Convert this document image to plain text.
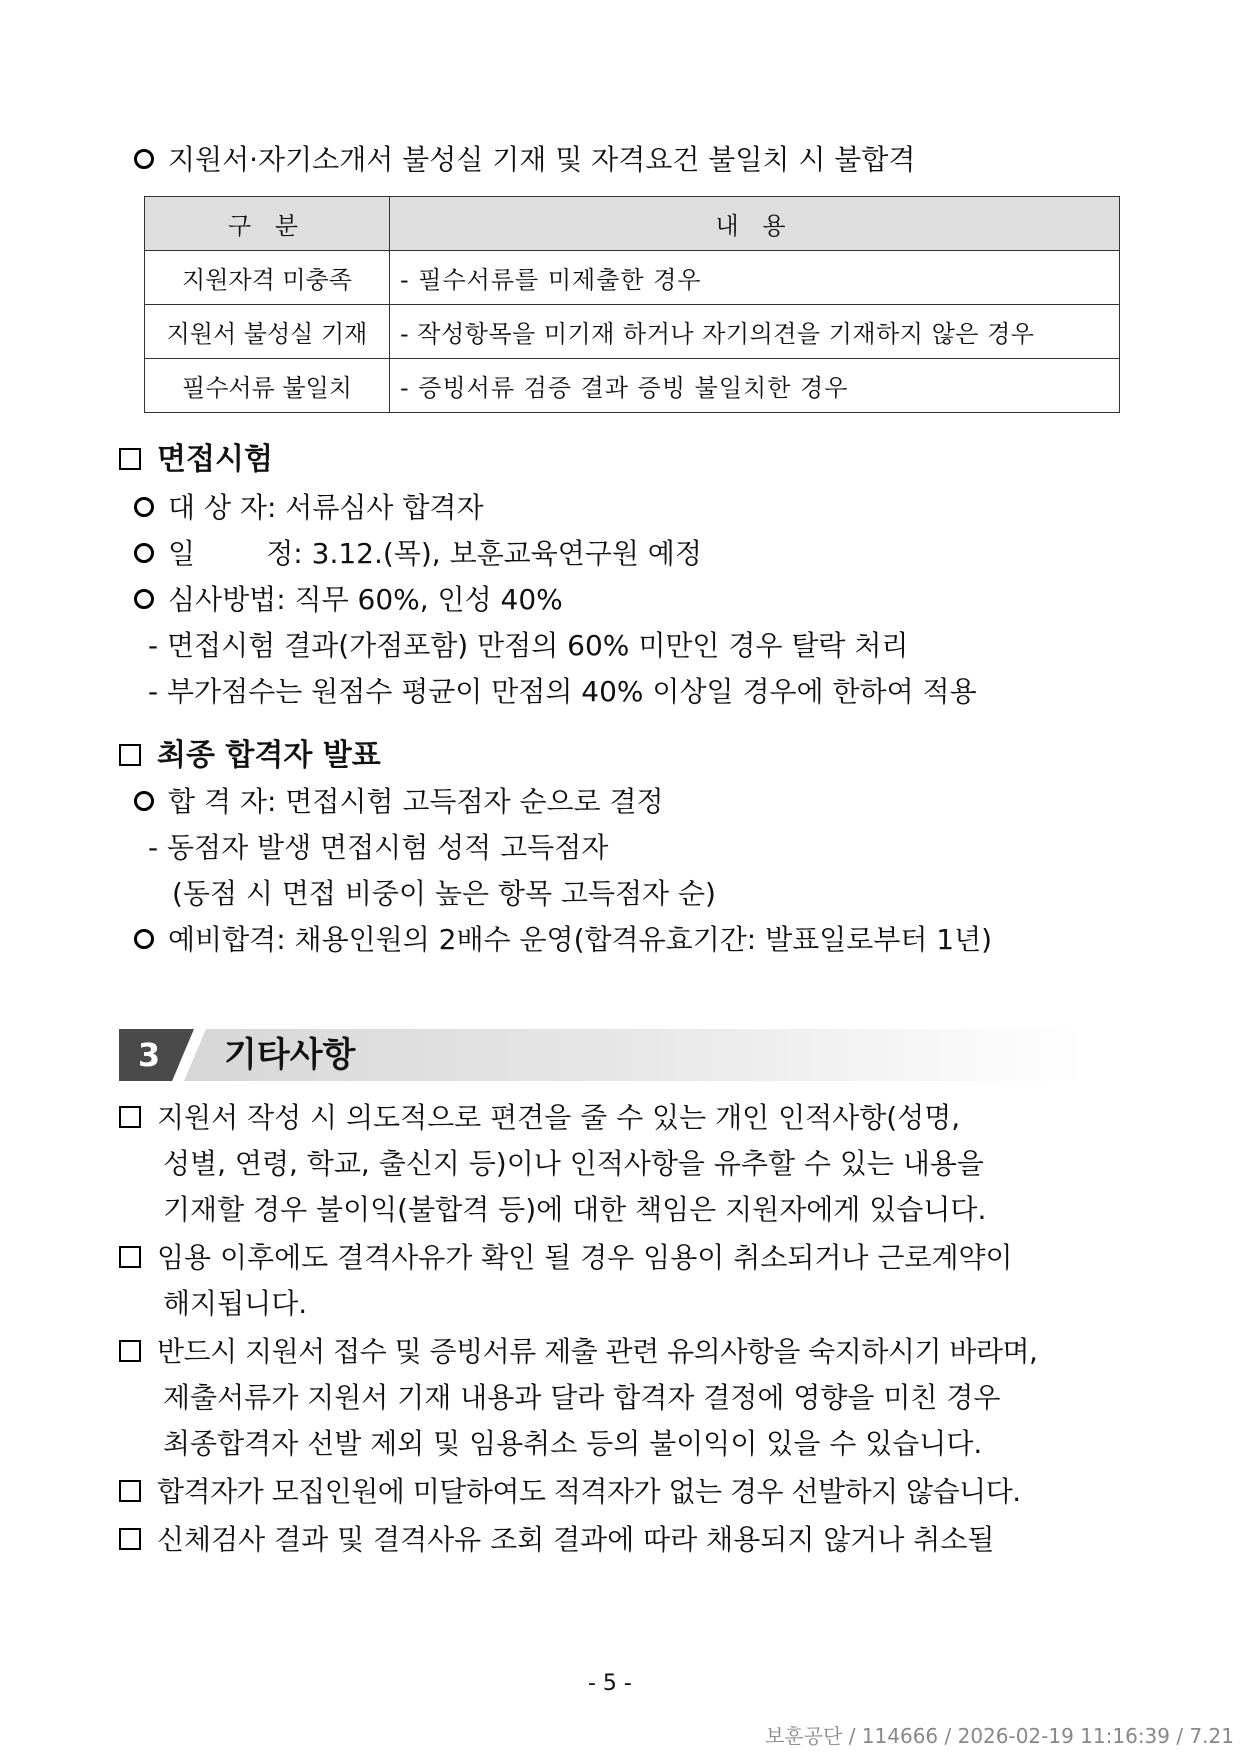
지원서·자기소개서 불성실 기재 및 자격요건 불일치 시 불합격
구 분	내 용
지원자격 미충족	- 필수서류를 미제출한 경우
지원서 불성실 기재	- 작성항목을 미기재 하거나 자기의견을 기재하지 않은 경우
필수서류 불일치	- 증빙서류 검증 결과 증빙 불일치한 경우
면접시험
대 상 자: 서류심사 합격자
일        정: 3.12.(목), 보훈교육연구원 예정
심사방법: 직무 60%, 인성 40%
- 면접시험 결과(가점포함) 만점의 60% 미만인 경우 탈락 처리
- 부가점수는 원점수 평균이 만점의 40% 이상일 경우에 한하여 적용
최종 합격자 발표
합 격 자: 면접시험 고득점자 순으로 결정
- 동점자 발생 면접시험 성적 고득점자
(동점 시 면접 비중이 높은 항목 고득점자 순)
예비합격: 채용인원의 2배수 운영(합격유효기간: 발표일로부터 1년)
3	기타사항
지원서 작성 시 의도적으로 편견을 줄 수 있는 개인 인적사항(성명,
성별, 연령, 학교, 출신지 등)이나 인적사항을 유추할 수 있는 내용을
기재할 경우 불이익(불합격 등)에 대한 책임은 지원자에게 있습니다.
임용 이후에도 결격사유가 확인 될 경우 임용이 취소되거나 근로계약이
해지됩니다.
반드시 지원서 접수 및 증빙서류 제출 관련 유의사항을 숙지하시기 바라며,
제출서류가 지원서 기재 내용과 달라 합격자 결정에 영향을 미친 경우
최종합격자 선발 제외 및 임용취소 등의 불이익이 있을 수 있습니다.
합격자가 모집인원에 미달하여도 적격자가 없는 경우 선발하지 않습니다.
신체검사 결과 및 결격사유 조회 결과에 따라 채용되지 않거나 취소될
- 5 -
보훈공단 / 114666 / 2026-02-19 11:16:39 / 7.21
